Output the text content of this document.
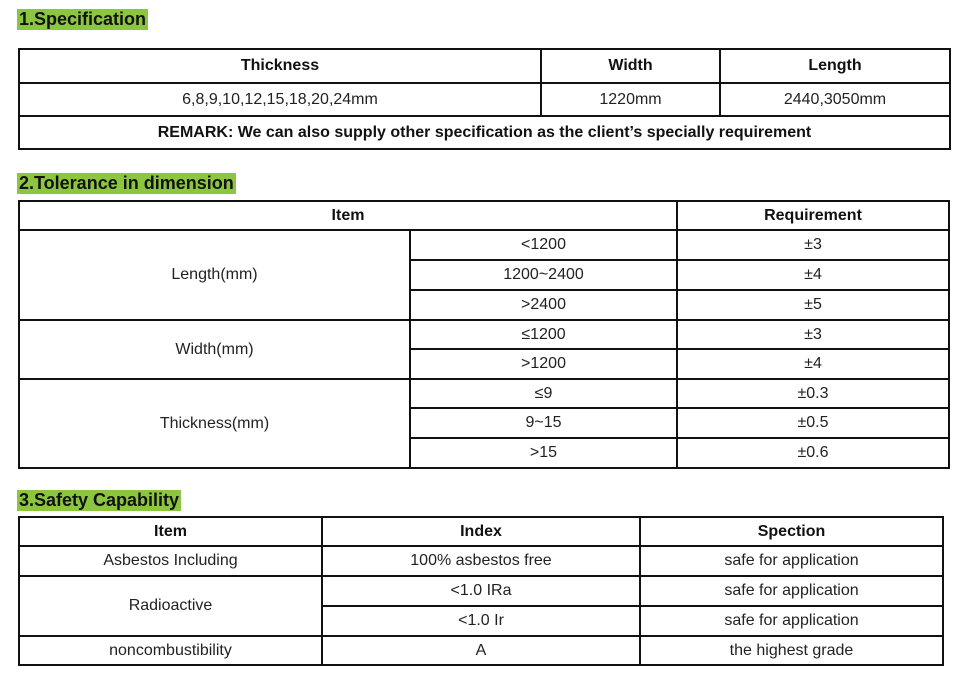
1.Specification
Thickness	Width	Length
6,8,9,10,12,15,18,20,24mm	1220mm	2440,3050mm
REMARK: We can also supply other specification as the client’s specially requirement		
2.Tolerance in dimension
Item		Requirement
Length(mm)	<1200	±3
	1200~2400	±4
	>2400	±5
Width(mm)	≤1200	±3
	>1200	±4
Thickness(mm)	≤9	±0.3
	9~15	±0.5
	>15	±0.6
3.Safety Capability
Item	Index	Spection
Asbestos Including	100% asbestos free	safe for application
Radioactive	<1.0 IRa	safe for application
	<1.0 Ir	safe for application
noncombustibility	A	the highest grade
